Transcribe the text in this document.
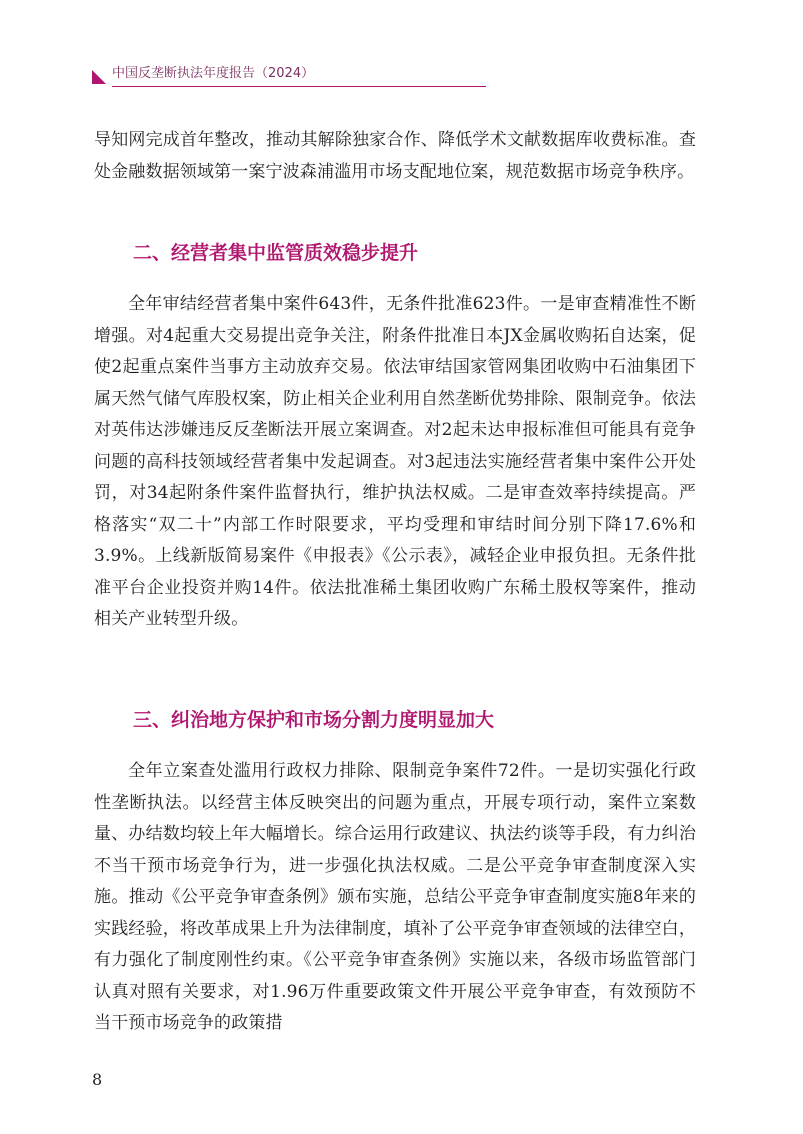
中国反垄断执法年度报告（2024）

导知网完成首年整改，推动其解除独家合作、降低学术文献数据库收费标准。查处金融数据领域第一案宁波森浦滥用市场支配地位案，规范数据市场竞争秩序。

二、经营者集中监管质效稳步提升

全年审结经营者集中案件643件，无条件批准623件。一是审查精准性不断增强。对4起重大交易提出竞争关注，附条件批准日本JX金属收购拓自达案，促使2起重点案件当事方主动放弃交易。依法审结国家管网集团收购中石油集团下属天然气储气库股权案，防止相关企业利用自然垄断优势排除、限制竞争。依法对英伟达涉嫌违反反垄断法开展立案调查。对2起未达申报标准但可能具有竞争问题的高科技领域经营者集中发起调查。对3起违法实施经营者集中案件公开处罚，对34起附条件案件监督执行，维护执法权威。二是审查效率持续提高。严格落实“双二十”内部工作时限要求，平均受理和审结时间分别下降17.6%和3.9%。上线新版简易案件《申报表》《公示表》，减轻企业申报负担。无条件批准平台企业投资并购14件。依法批准稀土集团收购广东稀土股权等案件，推动相关产业转型升级。

三、纠治地方保护和市场分割力度明显加大

全年立案查处滥用行政权力排除、限制竞争案件72件。一是切实强化行政性垄断执法。以经营主体反映突出的问题为重点，开展专项行动，案件立案数量、办结数均较上年大幅增长。综合运用行政建议、执法约谈等手段，有力纠治不当干预市场竞争行为，进一步强化执法权威。二是公平竞争审查制度深入实施。推动《公平竞争审查条例》颁布实施，总结公平竞争审查制度实施8年来的实践经验，将改革成果上升为法律制度，填补了公平竞争审查领域的法律空白，有力强化了制度刚性约束。《公平竞争审查条例》实施以来，各级市场监管部门认真对照有关要求，对1.96万件重要政策文件开展公平竞争审查，有效预防不当干预市场竞争的政策措

8
